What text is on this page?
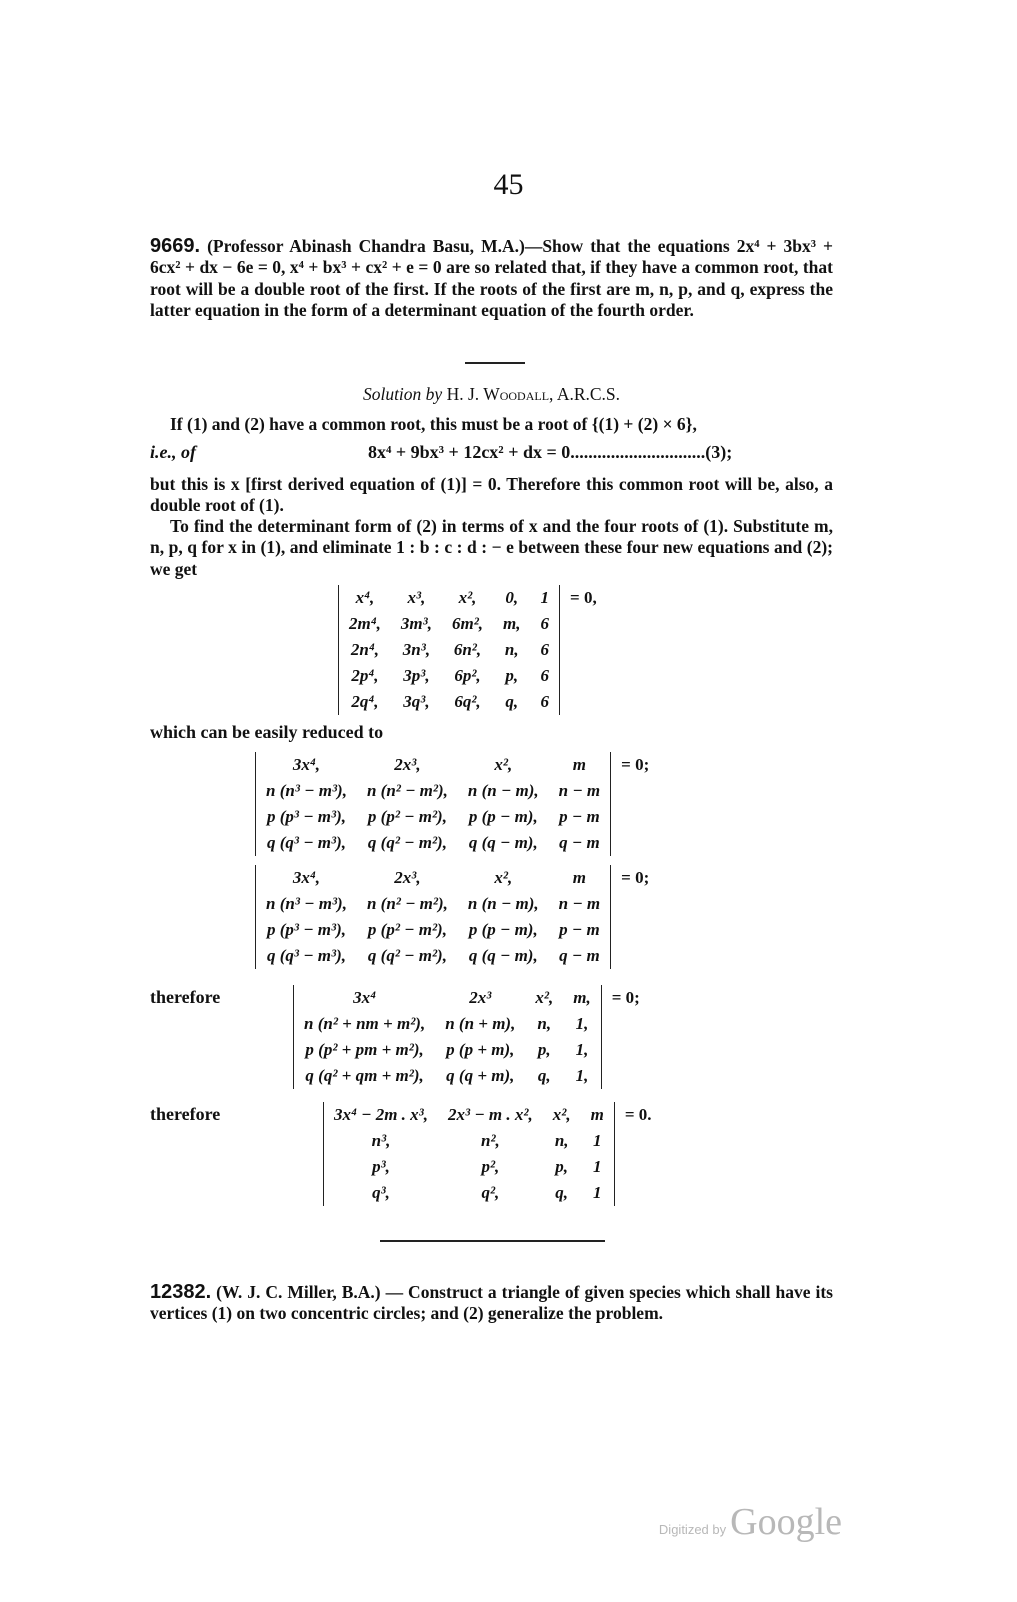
45
9669. (Professor Abinash Chandra Basu, M.A.)—Show that the equations 2x⁴ + 3bx³ + 6cx² + dx − 6e = 0, x⁴ + bx³ + cx² + e = 0 are so related that, if they have a common root, that root will be a double root of the first. If the roots of the first are m, n, p, and q, express the latter equation in the form of a determinant equation of the fourth order.
Solution by H. J. Woodall, A.R.C.S.
If (1) and (2) have a common root, this must be a root of {(1) + (2) × 6},
i.e., of	8x⁴ + 9bx³ + 12cx² + dx = 0..............................(3);
but this is x [first derived equation of (1)] = 0. Therefore this common root will be, also, a double root of (1).
To find the determinant form of (2) in terms of x and the four roots of (1). Substitute m, n, p, q for x in (1), and eliminate 1 : b : c : d : − e between these four new equations and (2); we get
x⁴,	x³,	x²,	0,	1	= 0,
2m⁴,	3m³,	6m²,	m,	6	
2n⁴,	3n³,	6n²,	n,	6	
2p⁴,	3p³,	6p²,	p,	6	
2q⁴,	3q³,	6q²,	q,	6	
which can be easily reduced to
3x⁴,	2x³,	x²,	m	= 0;
n (n³ − m³),	n (n² − m²),	n (n − m),	n − m	
p (p³ − m³),	p (p² − m²),	p (p − m),	p − m	
q (q³ − m³),	q (q² − m²),	q (q − m),	q − m	
3x⁴,	2x³,	x²,	m	= 0;
n (n³ − m³),	n (n² − m²),	n (n − m),	n − m	
p (p³ − m³),	p (p² − m²),	p (p − m),	p − m	
q (q³ − m³),	q (q² − m²),	q (q − m),	q − m	
therefore	3x⁴	2x³	x²,	m,	= 0;
n (n² + nm + m²),	n (n + m),	n,	1,	
p (p² + pm + m²),	p (p + m),	p,	1,	
q (q² + qm + m²),	q (q + m),	q,	1,	
therefore	3x⁴ − 2m . x³,	2x³ − m . x²,	x²,	m	= 0.
n³,	n²,	n,	1	
p³,	p²,	p,	1	
q³,	q²,	q,	1	
12382. (W. J. C. Miller, B.A.) — Construct a triangle of given species which shall have its vertices (1) on two concentric circles; and (2) generalize the problem.
Digitized by Google
